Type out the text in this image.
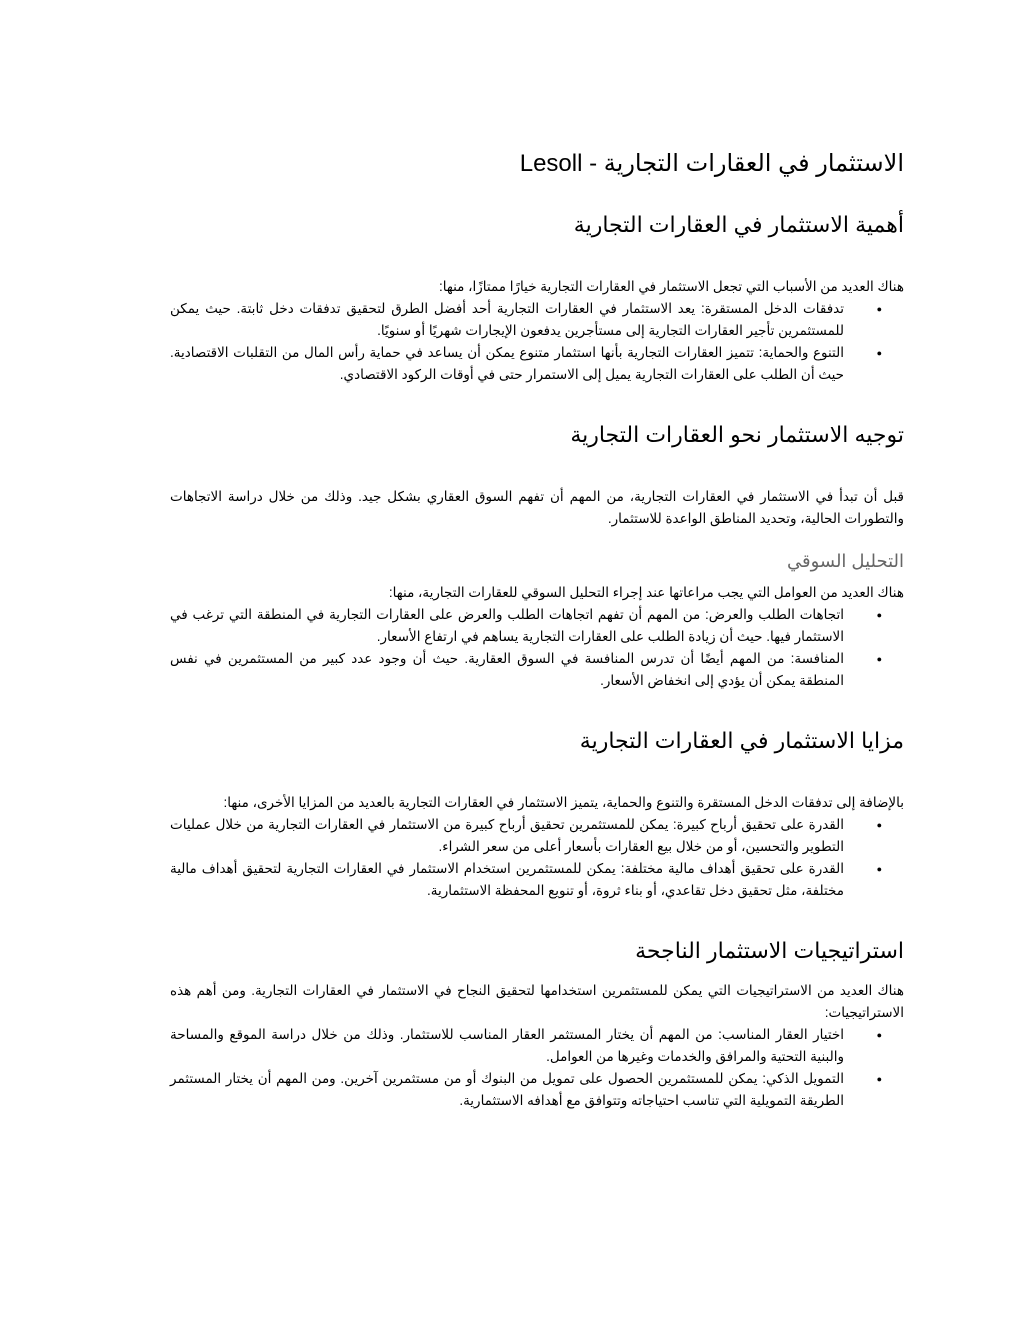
الاستثمار في العقارات التجارية - Lesoll
أهمية الاستثمار في العقارات التجارية

هناك العديد من الأسباب التي تجعل الاستثمار في العقارات التجارية خيارًا ممتازًا، منها:

● تدفقات الدخل المستقرة: يعد الاستثمار في العقارات التجارية أحد أفضل الطرق لتحقيق تدفقات دخل ثابتة. حيث يمكن للمستثمرين تأجير العقارات التجارية إلى مستأجرين يدفعون الإيجارات شهريًا أو سنويًا.
● التنوع والحماية: تتميز العقارات التجارية بأنها استثمار متنوع يمكن أن يساعد في حماية رأس المال من التقلبات الاقتصادية. حيث أن الطلب على العقارات التجارية يميل إلى الاستمرار حتى في أوقات الركود الاقتصادي.
توجيه الاستثمار نحو العقارات التجارية

قبل أن تبدأ في الاستثمار في العقارات التجارية، من المهم أن تفهم السوق العقاري بشكل جيد. وذلك من خلال دراسة الاتجاهات والتطورات الحالية، وتحديد المناطق الواعدة للاستثمار.

التحليل السوقي

هناك العديد من العوامل التي يجب مراعاتها عند إجراء التحليل السوقي للعقارات التجارية، منها:

● اتجاهات الطلب والعرض: من المهم أن تفهم اتجاهات الطلب والعرض على العقارات التجارية في المنطقة التي ترغب في الاستثمار فيها. حيث أن زيادة الطلب على العقارات التجارية يساهم في ارتفاع الأسعار.
● المنافسة: من المهم أيضًا أن تدرس المنافسة في السوق العقارية. حيث أن وجود عدد كبير من المستثمرين في نفس المنطقة يمكن أن يؤدي إلى انخفاض الأسعار.
مزايا الاستثمار في العقارات التجارية

بالإضافة إلى تدفقات الدخل المستقرة والتنوع والحماية، يتميز الاستثمار في العقارات التجارية بالعديد من المزايا الأخرى، منها:

● القدرة على تحقيق أرباح كبيرة: يمكن للمستثمرين تحقيق أرباح كبيرة من الاستثمار في العقارات التجارية من خلال عمليات التطوير والتحسين، أو من خلال بيع العقارات بأسعار أعلى من سعر الشراء.
● القدرة على تحقيق أهداف مالية مختلفة: يمكن للمستثمرين استخدام الاستثمار في العقارات التجارية لتحقيق أهداف مالية مختلفة، مثل تحقيق دخل تقاعدي، أو بناء ثروة، أو تنويع المحفظة الاستثمارية.
استراتيجيات الاستثمار الناجحة

هناك العديد من الاستراتيجيات التي يمكن للمستثمرين استخدامها لتحقيق النجاح في الاستثمار في العقارات التجارية. ومن أهم هذه الاستراتيجيات:

● اختيار العقار المناسب: من المهم أن يختار المستثمر العقار المناسب للاستثمار. وذلك من خلال دراسة الموقع والمساحة والبنية التحتية والمرافق والخدمات وغيرها من العوامل.
● التمويل الذكي: يمكن للمستثمرين الحصول على تمويل من البنوك أو من مستثمرين آخرين. ومن المهم أن يختار المستثمر الطريقة التمويلية التي تناسب احتياجاته وتتوافق مع أهدافه الاستثمارية.
